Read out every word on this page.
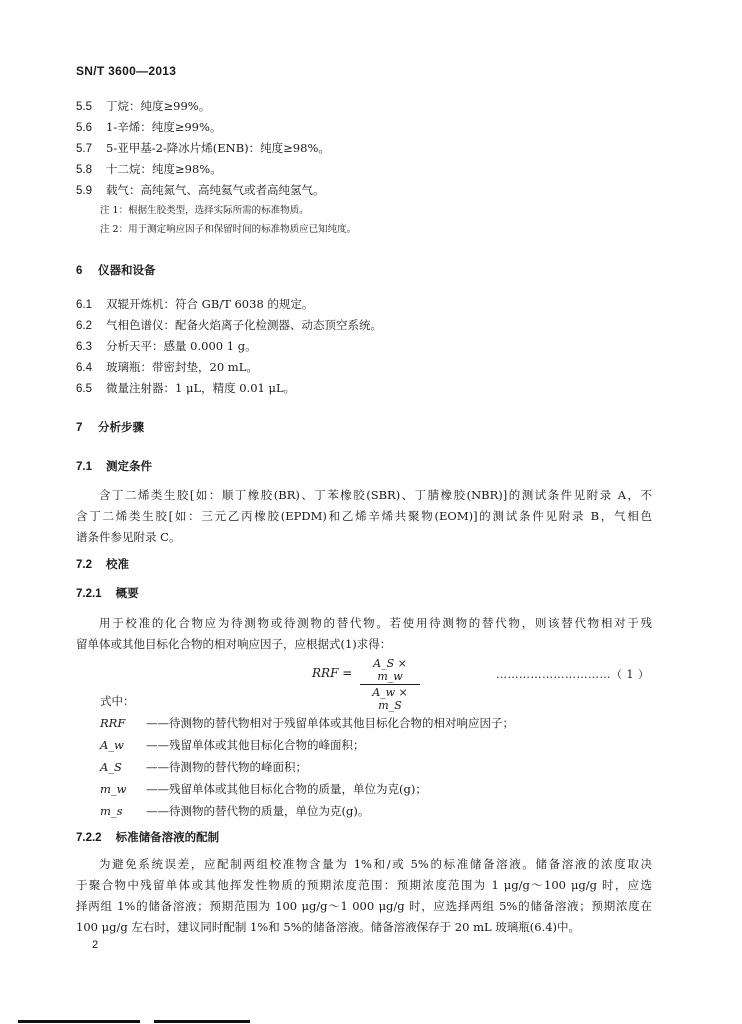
SN/T 3600—2013
5.5 丁烷：纯度≥99%。
5.6 1-辛烯：纯度≥99%。
5.7 5-亚甲基-2-降冰片烯(ENB)：纯度≥98%。
5.8 十二烷：纯度≥98%。
5.9 载气：高纯氮气、高纯氦气或者高纯氢气。
注 1：根据生胶类型，选择实际所需的标准物质。
注 2：用于测定响应因子和保留时间的标准物质应已知纯度。
6 仪器和设备
6.1 双辊开炼机：符合 GB/T 6038 的规定。
6.2 气相色谱仪：配备火焰离子化检测器、动态顶空系统。
6.3 分析天平：感量 0.000 1 g。
6.4 玻璃瓶：带密封垫，20 mL。
6.5 微量注射器：1 μL，精度 0.01 μL。
7 分析步骤
7.1 测定条件

含丁二烯类生胶[如：顺丁橡胶(BR)、丁苯橡胶(SBR)、丁腈橡胶(NBR)]的测试条件见附录 A，不

含丁二烯类生胶[如：三元乙丙橡胶(EPDM)和乙烯辛烯共聚物(EOM)]的测试条件见附录 B，气相色

谱条件参见附录 C。

7.2 校准
7.2.1 概要

用于校准的化合物应为待测物或待测物的替代物。若使用待测物的替代物，则该替代物相对于残

留单体或其他目标化合物的相对响应因子，应根据式(1)求得：

RRF = $\frac{A\_S \times m\_w}{A\_w \times m\_S}$	…………………………（ 1 ）
式中：
RRF ——待测物的替代物相对于残留单体或其他目标化合物的相对响应因子；
A_w ——残留单体或其他目标化合物的峰面积；
A_S ——待测物的替代物的峰面积；
m_w ——残留单体或其他目标化合物的质量，单位为克(g)；
m_s ——待测物的替代物的质量，单位为克(g)。
7.2.2 标准储备溶液的配制

为避免系统误差，应配制两组校准物含量为 1%和/或 5%的标准储备溶液。储备溶液的浓度取决

于聚合物中残留单体或其他挥发性物质的预期浓度范围：预期浓度范围为 1 μg/g～100 μg/g 时，应选

择两组 1%的储备溶液；预期范围为 100 μg/g～1 000 μg/g 时，应选择两组 5%的储备溶液；预期浓度在

100 μg/g 左右时，建议同时配制 1%和 5%的储备溶液。储备溶液保存于 20 mL 玻璃瓶(6.4)中。

2
